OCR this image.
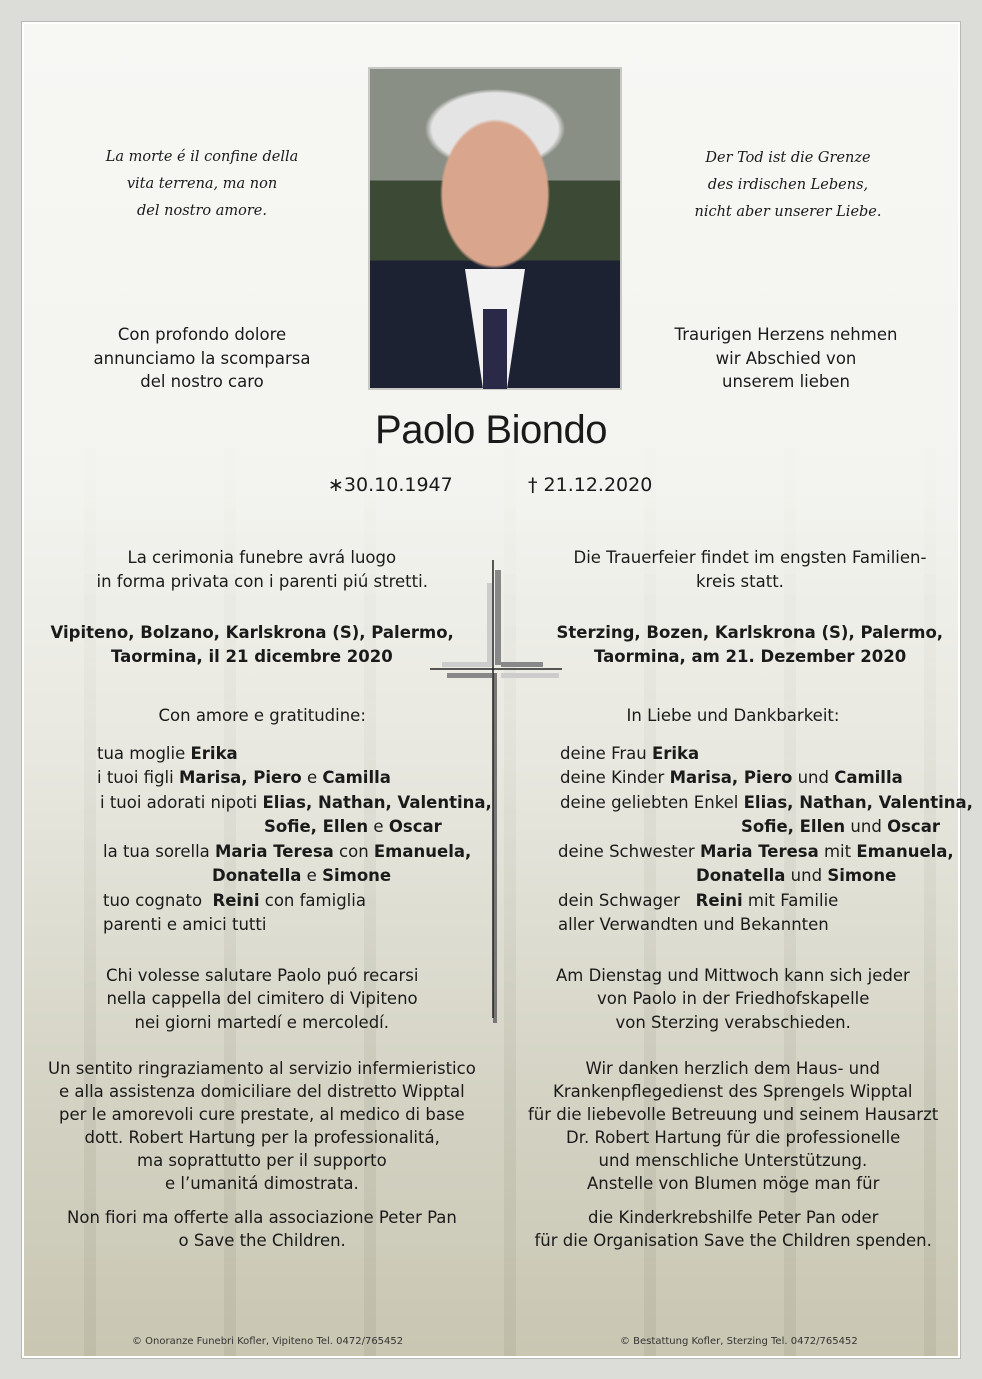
La morte é il confine della
vita terrena, ma non
del nostro amore.
Der Tod ist die Grenze
des irdischen Lebens,
nicht aber unserer Liebe.
Con profondo dolore
annunciamo la scomparsa
del nostro caro
Traurigen Herzens nehmen
wir Abschied von
unserem lieben
Paolo Biondo
∗30.10.1947	† 21.12.2020
La cerimonia funebre avrá luogo
in forma privata con i parenti piú stretti.
Vipiteno, Bolzano, Karlskrona (S), Palermo,
Taormina, il 21 dicembre 2020
Con amore e gratitudine:
tua moglie Erika
i tuoi figli Marisa, Piero e Camilla
i tuoi adorati nipoti Elias, Nathan, Valentina,
Sofie, Ellen e Oscar
la tua sorella Maria Teresa con Emanuela,
Donatella e Simone
tuo cognato  Reini con famiglia
parenti e amici tutti
Chi volesse salutare Paolo puó recarsi
nella cappella del cimitero di Vipiteno
nei giorni martedí e mercoledí.
Un sentito ringraziamento al servizio infermieristico
e alla assistenza domiciliare del distretto Wipptal
per le amorevoli cure prestate, al medico di base
dott. Robert Hartung per la professionalitá,
ma soprattutto per il supporto
e l’umanitá dimostrata.
Non fiori ma offerte alla associazione Peter Pan
o Save the Children.
Die Trauerfeier findet im engsten Familien-
kreis statt.
Sterzing, Bozen, Karlskrona (S), Palermo,
Taormina, am 21. Dezember 2020
In Liebe und Dankbarkeit:
deine Frau Erika
deine Kinder Marisa, Piero und Camilla
deine geliebten Enkel Elias, Nathan, Valentina,
Sofie, Ellen und Oscar
deine Schwester Maria Teresa mit Emanuela,
Donatella und Simone
dein Schwager   Reini mit Familie
aller Verwandten und Bekannten
Am Dienstag und Mittwoch kann sich jeder
von Paolo in der Friedhofskapelle
von Sterzing verabschieden.
Wir danken herzlich dem Haus- und
Krankenpflegedienst des Sprengels Wipptal
für die liebevolle Betreuung und seinem Hausarzt
Dr. Robert Hartung für die professionelle
und menschliche Unterstützung.
Anstelle von Blumen möge man für
die Kinderkrebshilfe Peter Pan oder
für die Organisation Save the Children spenden.
© Onoranze Funebri Kofler, Vipiteno Tel. 0472/765452	© Bestattung Kofler, Sterzing Tel. 0472/765452
